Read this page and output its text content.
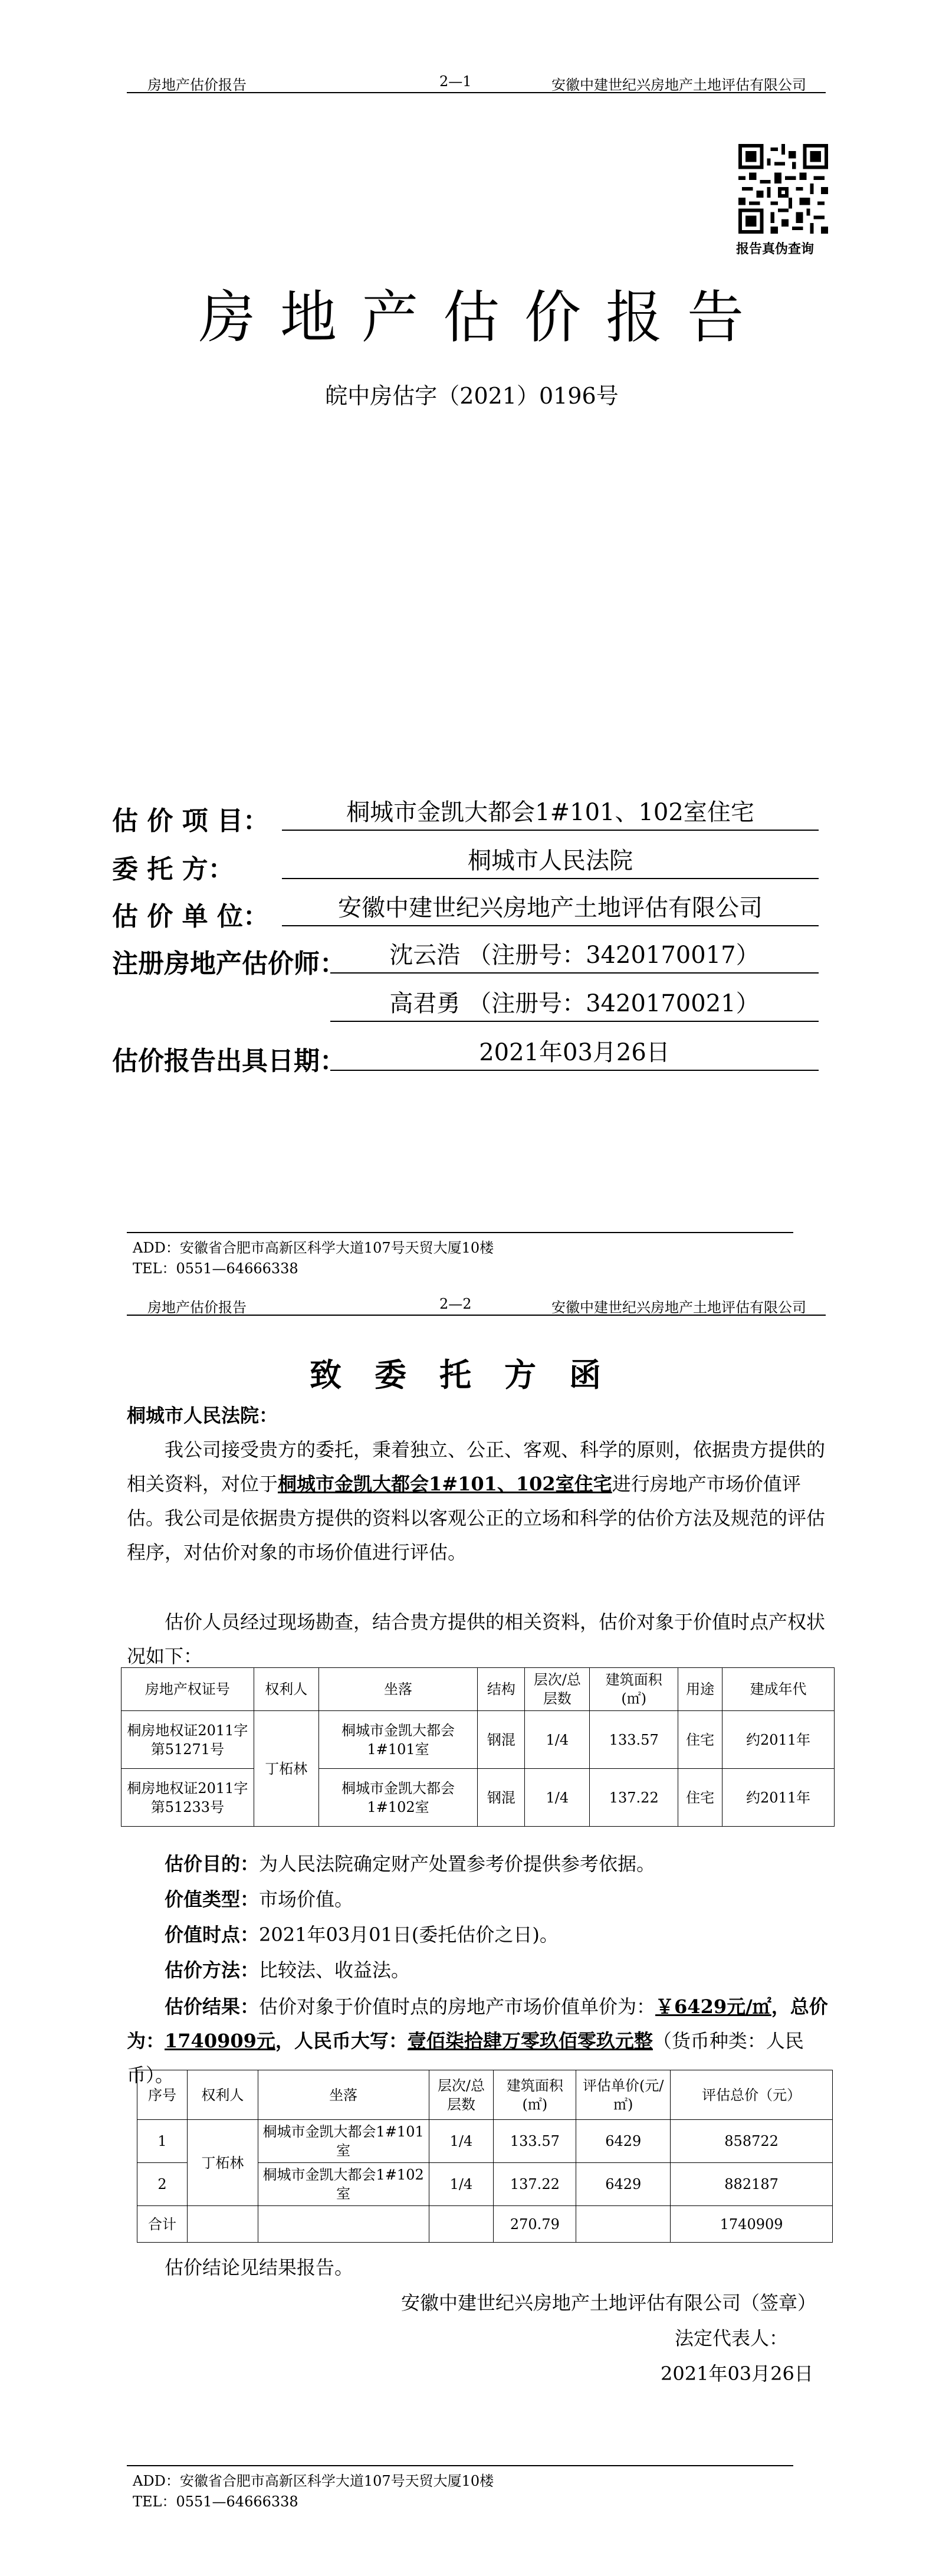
房地产估价报告	2—1	安徽中建世纪兴房地产土地评估有限公司
报告真伪查询
房地产估价报告
皖中房估字（2021）0196号
估 价 项 目：	桐城市金凯大都会1#101、102室住宅
委 托 方：	桐城市人民法院
估 价 单 位：	安徽中建世纪兴房地产土地评估有限公司
注册房地产估价师：	沈云浩 （注册号：3420170017）
高君勇 （注册号：3420170021）
估价报告出具日期：	2021年03月26日
ADD：安徽省合肥市高新区科学大道107号天贸大厦10楼
TEL：0551—64666338
房地产估价报告	2—2	安徽中建世纪兴房地产土地评估有限公司
致委托方函
桐城市人民法院：
我公司接受贵方的委托，秉着独立、公正、客观、科学的原则，依据贵方提供的相关资料，对位于桐城市金凯大都会1#101、102室住宅进行房地产市场价值评估。我公司是依据贵方提供的资料以客观公正的立场和科学的估价方法及规范的评估程序，对估价对象的市场价值进行评估。
估价人员经过现场勘查，结合贵方提供的相关资料，估价对象于价值时点产权状况如下：
房地产权证号	权利人	坐落	结构	层次/总层数	建筑面积(㎡)	用途	建成年代
桐房地权证2011字第51271号	丁柘林	桐城市金凯大都会1#101室	钢混	1/4	133.57	住宅	约2011年
桐房地权证2011字第51233号		桐城市金凯大都会1#102室	钢混	1/4	137.22	住宅	约2011年
估价目的：为人民法院确定财产处置参考价提供参考依据。
价值类型：市场价值。
价值时点：2021年03月01日(委托估价之日)。
估价方法：比较法、收益法。
估价结果：估价对象于价值时点的房地产市场价值单价为：￥6429元/㎡，总价为：1740909元，人民币大写：壹佰柒拾肆万零玖佰零玖元整（货币种类：人民币）。
序号	权利人	坐落	层次/总层数	建筑面积(㎡)	评估单价(元/㎡)	评估总价（元）
1	丁柘林	桐城市金凯大都会1#101室	1/4	133.57	6429	858722
2		桐城市金凯大都会1#102室	1/4	137.22	6429	882187
合计				270.79		1740909
估价结论见结果报告。
安徽中建世纪兴房地产土地评估有限公司（签章）
法定代表人：
2021年03月26日
ADD：安徽省合肥市高新区科学大道107号天贸大厦10楼
TEL：0551—64666338
